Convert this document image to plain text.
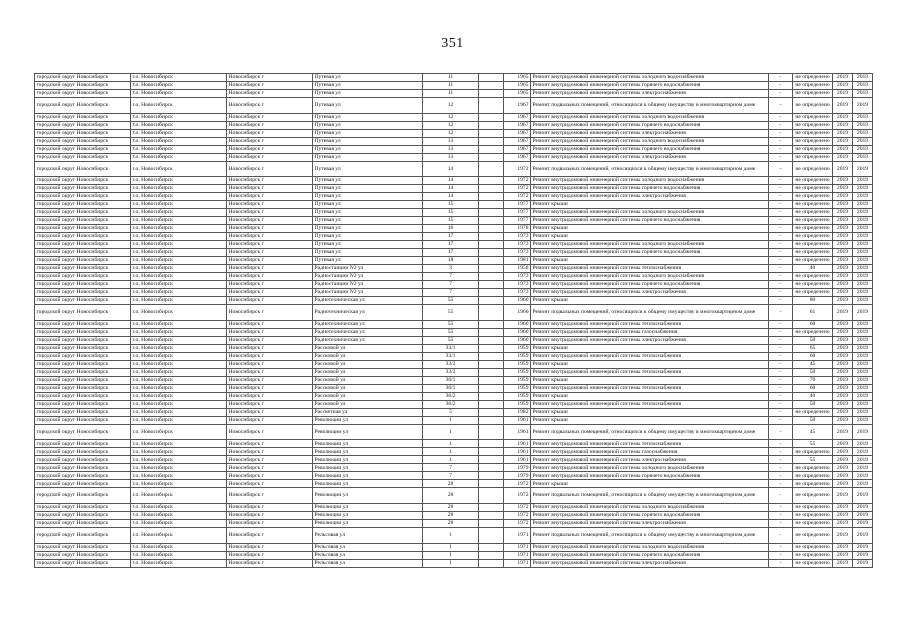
351
городской округ Новосибирск	г.о. Новосибирск	Новосибирск г	Путевая ул	11		1965	Ремонт внутридомовой инженерной системы холодного водоснабжения	-	не определено	2019	2019
городской округ Новосибирск	г.о. Новосибирск	Новосибирск г	Путевая ул	11		1965	Ремонт внутридомовой инженерной системы горячего водоснабжения	-	не определено	2019	2019
городской округ Новосибирск	г.о. Новосибирск	Новосибирск г	Путевая ул	11		1965	Ремонт внутридомовой инженерной системы электроснабжения	-	не определено	2019	2019
городской округ Новосибирск	г.о. Новосибирск	Новосибирск г	Путевая ул	12		1967	Ремонт подвальных помещений, относящихся к общему имуществу в многоквартирном доме	-	не определено	2019	2019
городской округ Новосибирск	г.о. Новосибирск	Новосибирск г	Путевая ул	12		1967	Ремонт внутридомовой инженерной системы холодного водоснабжения	-	не определено	2019	2019
городской округ Новосибирск	г.о. Новосибирск	Новосибирск г	Путевая ул	12		1967	Ремонт внутридомовой инженерной системы горячего водоснабжения	-	не определено	2019	2019
городской округ Новосибирск	г.о. Новосибирск	Новосибирск г	Путевая ул	12		1967	Ремонт внутридомовой инженерной системы электроснабжения	-	не определено	2019	2019
городской округ Новосибирск	г.о. Новосибирск	Новосибирск г	Путевая ул	13		1967	Ремонт внутридомовой инженерной системы холодного водоснабжения	-	не определено	2019	2019
городской округ Новосибирск	г.о. Новосибирск	Новосибирск г	Путевая ул	13		1967	Ремонт внутридомовой инженерной системы горячего водоснабжения	-	не определено	2019	2019
городской округ Новосибирск	г.о. Новосибирск	Новосибирск г	Путевая ул	13		1967	Ремонт внутридомовой инженерной системы электроснабжения	-	не определено	2019	2019
городской округ Новосибирск	г.о. Новосибирск	Новосибирск г	Путевая ул	14		1972	Ремонт подвальных помещений, относящихся к общему имуществу в многоквартирном доме	-	не определено	2019	2019
городской округ Новосибирск	г.о. Новосибирск	Новосибирск г	Путевая ул	14		1972	Ремонт внутридомовой инженерной системы холодного водоснабжения	-	не определено	2019	2019
городской округ Новосибирск	г.о. Новосибирск	Новосибирск г	Путевая ул	14		1972	Ремонт внутридомовой инженерной системы горячего водоснабжения	-	не определено	2019	2019
городской округ Новосибирск	г.о. Новосибирск	Новосибирск г	Путевая ул	14		1972	Ремонт внутридомовой инженерной системы электроснабжения	-	не определено	2019	2019
городской округ Новосибирск	г.о. Новосибирск	Новосибирск г	Путевая ул	15		1977	Ремонт крыши	-	не определено	2019	2019
городской округ Новосибирск	г.о. Новосибирск	Новосибирск г	Путевая ул	15		1977	Ремонт внутридомовой инженерной системы холодного водоснабжения	-	не определено	2019	2019
городской округ Новосибирск	г.о. Новосибирск	Новосибирск г	Путевая ул	15		1977	Ремонт внутридомовой инженерной системы горячего водоснабжения	-	не определено	2019	2019
городской округ Новосибирск	г.о. Новосибирск	Новосибирск г	Путевая ул	16		1978	Ремонт крыши	-	не определено	2019	2019
городской округ Новосибирск	г.о. Новосибирск	Новосибирск г	Путевая ул	17		1973	Ремонт крыши	-	не определено	2019	2019
городской округ Новосибирск	г.о. Новосибирск	Новосибирск г	Путевая ул	17		1973	Ремонт внутридомовой инженерной системы холодного водоснабжения	-	не определено	2019	2019
городской округ Новосибирск	г.о. Новосибирск	Новосибирск г	Путевая ул	17		1973	Ремонт внутридомовой инженерной системы горячего водоснабжения	-	не определено	2019	2019
городской округ Новосибирск	г.о. Новосибирск	Новосибирск г	Путевая ул	18		1981	Ремонт крыши	-	не определено	2019	2019
городской округ Новосибирск	г.о. Новосибирск	Новосибирск г	Радиостанции N2 ул	3		1958	Ремонт внутридомовой инженерной системы теплоснабжения	-	40	2019	2019
городской округ Новосибирск	г.о. Новосибирск	Новосибирск г	Радиостанции N2 ул	7		1973	Ремонт внутридомовой инженерной системы холодного водоснабжения	-	не определено	2019	2019
городской округ Новосибирск	г.о. Новосибирск	Новосибирск г	Радиостанции N2 ул	7		1973	Ремонт внутридомовой инженерной системы горячего водоснабжения	-	не определено	2019	2019
городской округ Новосибирск	г.о. Новосибирск	Новосибирск г	Радиостанции N2 ул	7		1973	Ремонт внутридомовой инженерной системы электроснабжения	-	не определено	2019	2019
городской округ Новосибирск	г.о. Новосибирск	Новосибирск г	Радиотехническая ул	55		1960	Ремонт крыши	-	80	2019	2019
городской округ Новосибирск	г.о. Новосибирск	Новосибирск г	Радиотехническая ул	55		1960	Ремонт подвальных помещений, относящихся к общему имуществу в многоквартирном доме	-	61	2019	2019
городской округ Новосибирск	г.о. Новосибирск	Новосибирск г	Радиотехническая ул	55		1960	Ремонт внутридомовой инженерной системы теплоснабжения	-	60	2019	2019
городской округ Новосибирск	г.о. Новосибирск	Новосибирск г	Радиотехническая ул	55		1960	Ремонт внутридомовой инженерной системы газоснабжения	-	не определено	2019	2019
городской округ Новосибирск	г.о. Новосибирск	Новосибирск г	Радиотехническая ул	55		1960	Ремонт внутридомовой инженерной системы электроснабжения	-	50	2019	2019
городской округ Новосибирск	г.о. Новосибирск	Новосибирск г	Рассковой ул	33/1		1959	Ремонт крыши	-	65	2019	2019
городской округ Новосибирск	г.о. Новосибирск	Новосибирск г	Рассковой ул	33/1		1959	Ремонт внутридомовой инженерной системы теплоснабжения	-	60	2019	2019
городской округ Новосибирск	г.о. Новосибирск	Новосибирск г	Рассковой ул	33/2		1959	Ремонт крыши	-	45	2019	2019
городской округ Новосибирск	г.о. Новосибирск	Новосибирск г	Рассковой ул	33/2		1959	Ремонт внутридомовой инженерной системы теплоснабжения	-	50	2019	2019
городской округ Новосибирск	г.о. Новосибирск	Новосибирск г	Рассковой ул	36/1		1959	Ремонт крыши	-	70	2019	2019
городской округ Новосибирск	г.о. Новосибирск	Новосибирск г	Рассковой ул	36/1		1959	Ремонт внутридомовой инженерной системы теплоснабжения	-	60	2019	2019
городской округ Новосибирск	г.о. Новосибирск	Новосибирск г	Рассковой ул	36/2		1959	Ремонт крыши	-	40	2019	2019
городской округ Новосибирск	г.о. Новосибирск	Новосибирск г	Рассковой ул	36/2		1959	Ремонт внутридомовой инженерной системы теплоснабжения	-	50	2019	2019
городской округ Новосибирск	г.о. Новосибирск	Новосибирск г	Рассветная ул	5		1982	Ремонт крыши	-	не определено	2019	2019
городской округ Новосибирск	г.о. Новосибирск	Новосибирск г	Революции ул	1		1961	Ремонт крыши	-	50	2019	2019
городской округ Новосибирск	г.о. Новосибирск	Новосибирск г	Революции ул	1		1961	Ремонт подвальных помещений, относящихся к общему имуществу в многоквартирном доме	-	45	2019	2019
городской округ Новосибирск	г.о. Новосибирск	Новосибирск г	Революции ул	1		1961	Ремонт внутридомовой инженерной системы теплоснабжения	-	55	2019	2019
городской округ Новосибирск	г.о. Новосибирск	Новосибирск г	Революции ул	1		1961	Ремонт внутридомовой инженерной системы газоснабжения	-	не определено	2019	2019
городской округ Новосибирск	г.о. Новосибирск	Новосибирск г	Революции ул	1		1961	Ремонт внутридомовой инженерной системы электроснабжения	-	55	2019	2019
городской округ Новосибирск	г.о. Новосибирск	Новосибирск г	Революции ул	7		1979	Ремонт внутридомовой инженерной системы холодного водоснабжения	-	не определено	2019	2019
городской округ Новосибирск	г.о. Новосибирск	Новосибирск г	Революции ул	7		1979	Ремонт внутридомовой инженерной системы горячего водоснабжения	-	не определено	2019	2019
городской округ Новосибирск	г.о. Новосибирск	Новосибирск г	Революции ул	28		1972	Ремонт крыши	-	не определено	2019	2019
городской округ Новосибирск	г.о. Новосибирск	Новосибирск г	Революции ул	28		1972	Ремонт подвальных помещений, относящихся к общему имуществу в многоквартирном доме	-	не определено	2019	2019
городской округ Новосибирск	г.о. Новосибирск	Новосибирск г	Революции ул	28		1972	Ремонт внутридомовой инженерной системы холодного водоснабжения	-	не определено	2019	2019
городской округ Новосибирск	г.о. Новосибирск	Новосибирск г	Революции ул	28		1972	Ремонт внутридомовой инженерной системы горячего водоснабжения	-	не определено	2019	2019
городской округ Новосибирск	г.о. Новосибирск	Новосибирск г	Революции ул	28		1972	Ремонт внутридомовой инженерной системы электроснабжения	-	не определено	2019	2019
городской округ Новосибирск	г.о. Новосибирск	Новосибирск г	Рельсовая ул	1		1971	Ремонт подвальных помещений, относящихся к общему имуществу в многоквартирном доме	-	не определено	2019	2019
городской округ Новосибирск	г.о. Новосибирск	Новосибирск г	Рельсовая ул	1		1971	Ремонт внутридомовой инженерной системы холодного водоснабжения	-	не определено	2019	2019
городской округ Новосибирск	г.о. Новосибирск	Новосибирск г	Рельсовая ул	1		1971	Ремонт внутридомовой инженерной системы горячего водоснабжения	-	не определено	2019	2019
городской округ Новосибирск	г.о. Новосибирск	Новосибирск г	Рельсовая ул	1		1971	Ремонт внутридомовой инженерной системы электроснабжения	-	не определено	2019	2019
